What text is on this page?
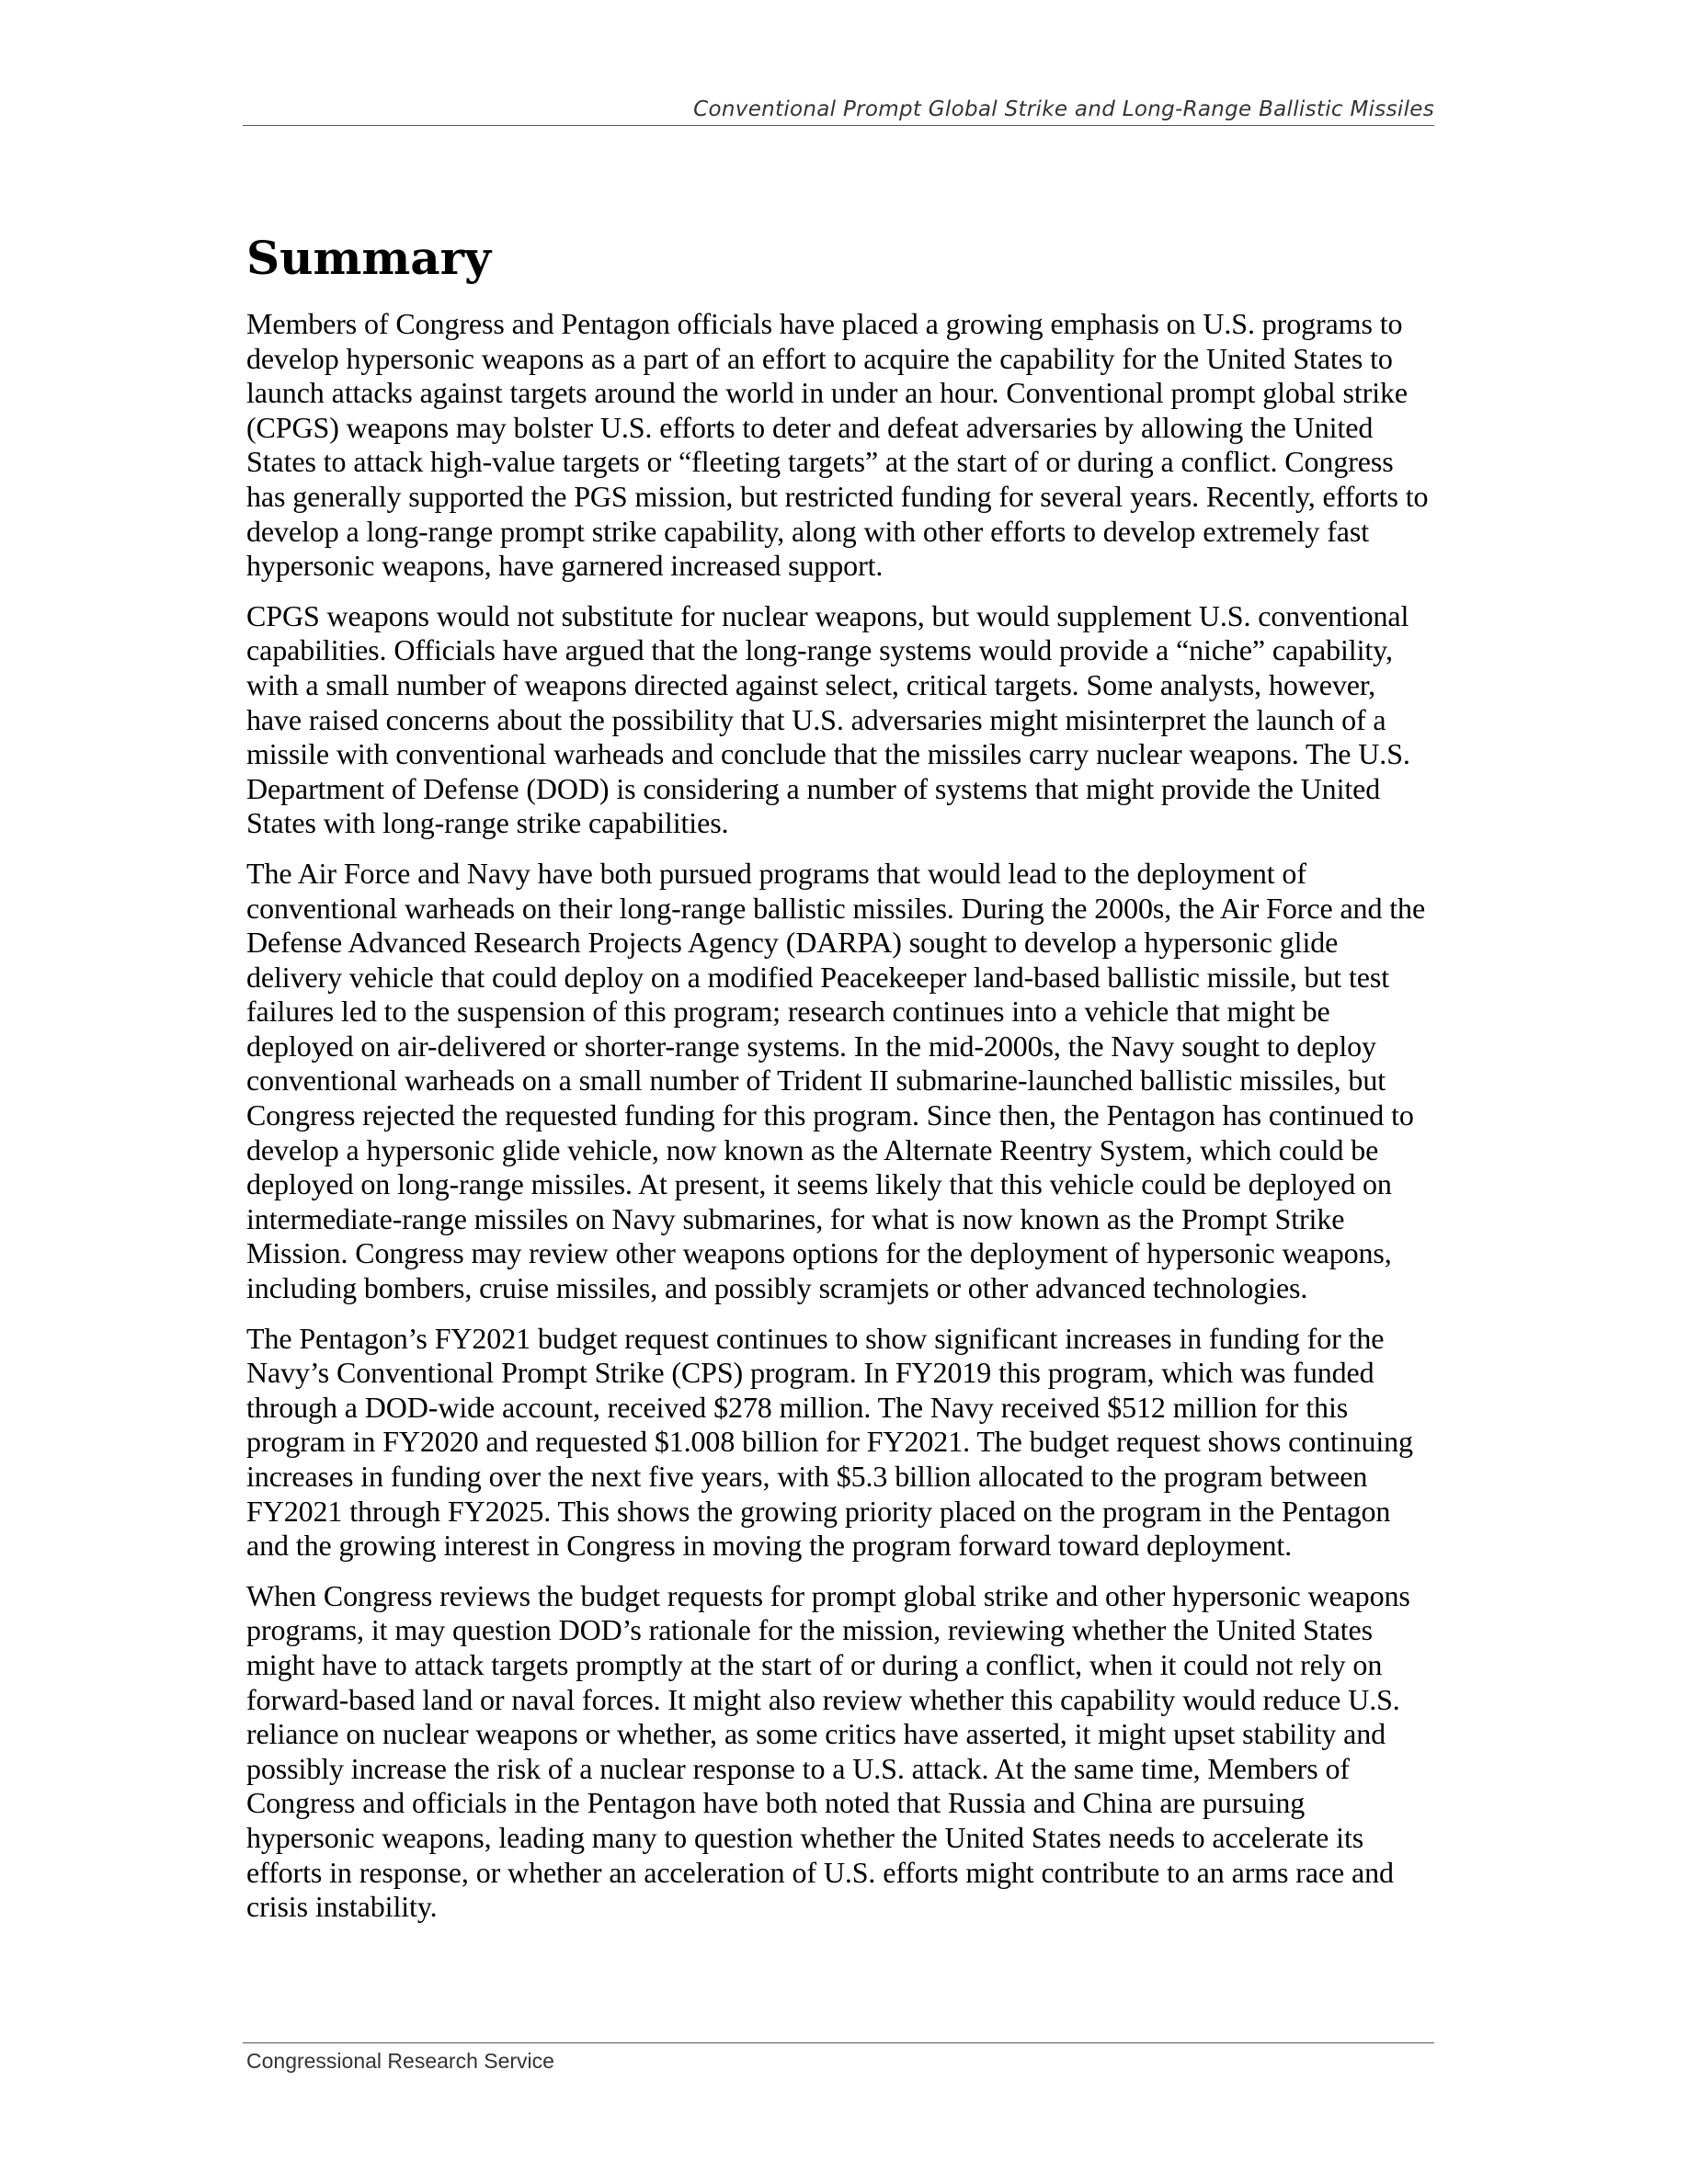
Conventional Prompt Global Strike and Long-Range Ballistic Missiles
Summary

Members of Congress and Pentagon officials have placed a growing emphasis on U.S. programs to develop hypersonic weapons as a part of an effort to acquire the capability for the United States to launch attacks against targets around the world in under an hour. Conventional prompt global strike (CPGS) weapons may bolster U.S. efforts to deter and defeat adversaries by allowing the United States to attack high-value targets or “fleeting targets” at the start of or during a conflict. Congress has generally supported the PGS mission, but restricted funding for several years. Recently, efforts to develop a long-range prompt strike capability, along with other efforts to develop extremely fast hypersonic weapons, have garnered increased support.

CPGS weapons would not substitute for nuclear weapons, but would supplement U.S. conventional capabilities. Officials have argued that the long-range systems would provide a “niche” capability, with a small number of weapons directed against select, critical targets. Some analysts, however, have raised concerns about the possibility that U.S. adversaries might misinterpret the launch of a missile with conventional warheads and conclude that the missiles carry nuclear weapons. The U.S. Department of Defense (DOD) is considering a number of systems that might provide the United States with long-range strike capabilities.

The Air Force and Navy have both pursued programs that would lead to the deployment of conventional warheads on their long-range ballistic missiles. During the 2000s, the Air Force and the Defense Advanced Research Projects Agency (DARPA) sought to develop a hypersonic glide delivery vehicle that could deploy on a modified Peacekeeper land-based ballistic missile, but test failures led to the suspension of this program; research continues into a vehicle that might be deployed on air-delivered or shorter-range systems. In the mid-2000s, the Navy sought to deploy conventional warheads on a small number of Trident II submarine-launched ballistic missiles, but Congress rejected the requested funding for this program. Since then, the Pentagon has continued to develop a hypersonic glide vehicle, now known as the Alternate Reentry System, which could be deployed on long-range missiles. At present, it seems likely that this vehicle could be deployed on intermediate-range missiles on Navy submarines, for what is now known as the Prompt Strike Mission. Congress may review other weapons options for the deployment of hypersonic weapons, including bombers, cruise missiles, and possibly scramjets or other advanced technologies.

The Pentagon’s FY2021 budget request continues to show significant increases in funding for the Navy’s Conventional Prompt Strike (CPS) program. In FY2019 this program, which was funded through a DOD-wide account, received $278 million. The Navy received $512 million for this program in FY2020 and requested $1.008 billion for FY2021. The budget request shows continuing increases in funding over the next five years, with $5.3 billion allocated to the program between FY2021 through FY2025. This shows the growing priority placed on the program in the Pentagon and the growing interest in Congress in moving the program forward toward deployment.

When Congress reviews the budget requests for prompt global strike and other hypersonic weapons programs, it may question DOD’s rationale for the mission, reviewing whether the United States might have to attack targets promptly at the start of or during a conflict, when it could not rely on forward-based land or naval forces. It might also review whether this capability would reduce U.S. reliance on nuclear weapons or whether, as some critics have asserted, it might upset stability and possibly increase the risk of a nuclear response to a U.S. attack. At the same time, Members of Congress and officials in the Pentagon have both noted that Russia and China are pursuing hypersonic weapons, leading many to question whether the United States needs to accelerate its efforts in response, or whether an acceleration of U.S. efforts might contribute to an arms race and crisis instability.

Congressional Research Service
